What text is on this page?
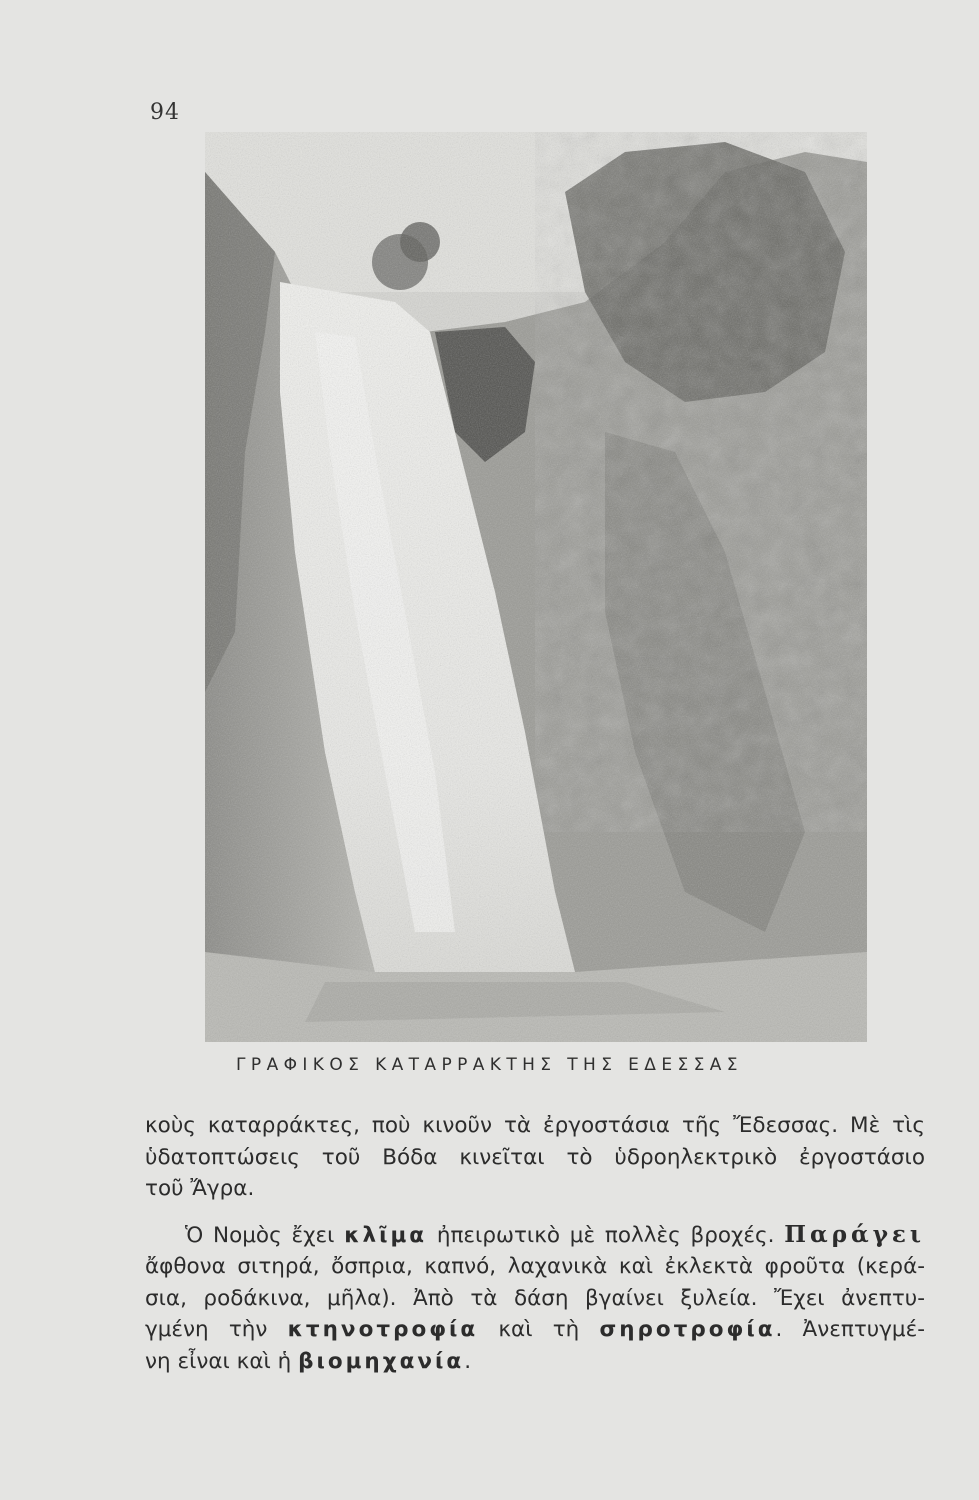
94
ΓΡΑΦΙΚΟΣ ΚΑΤΑΡΡΑΚΤΗΣ ΤΗΣ ΕΔΕΣΣΑΣ
κοὺς καταρράκτες, ποὺ κινοῦν τὰ ἐργοστάσια τῆς Ἔδεσσας. Μὲ τὶς
ὑδατοπτώσεις τοῦ Βόδα κινεῖται τὸ ὑδροηλεκτρικὸ ἐργοστάσιο
τοῦ Ἄγρα.
Ὁ Νομὸς ἔχει κλῖμα ἠπειρωτικὸ μὲ πολλὲς βροχές. Παράγει
ἄφθονα σιτηρά, ὄσπρια, καπνό, λαχανικὰ καὶ ἐκλεκτὰ φροῦτα (κερά-
σια, ροδάκινα, μῆλα). Ἀπὸ τὰ δάση βγαίνει ξυλεία. Ἔχει ἀνεπτυ-
γμένη τὴν κτηνοτροφία καὶ τὴ σηροτροφία. Ἀνεπτυγμέ-
νη εἶναι καὶ ἡ βιομηχανία.
